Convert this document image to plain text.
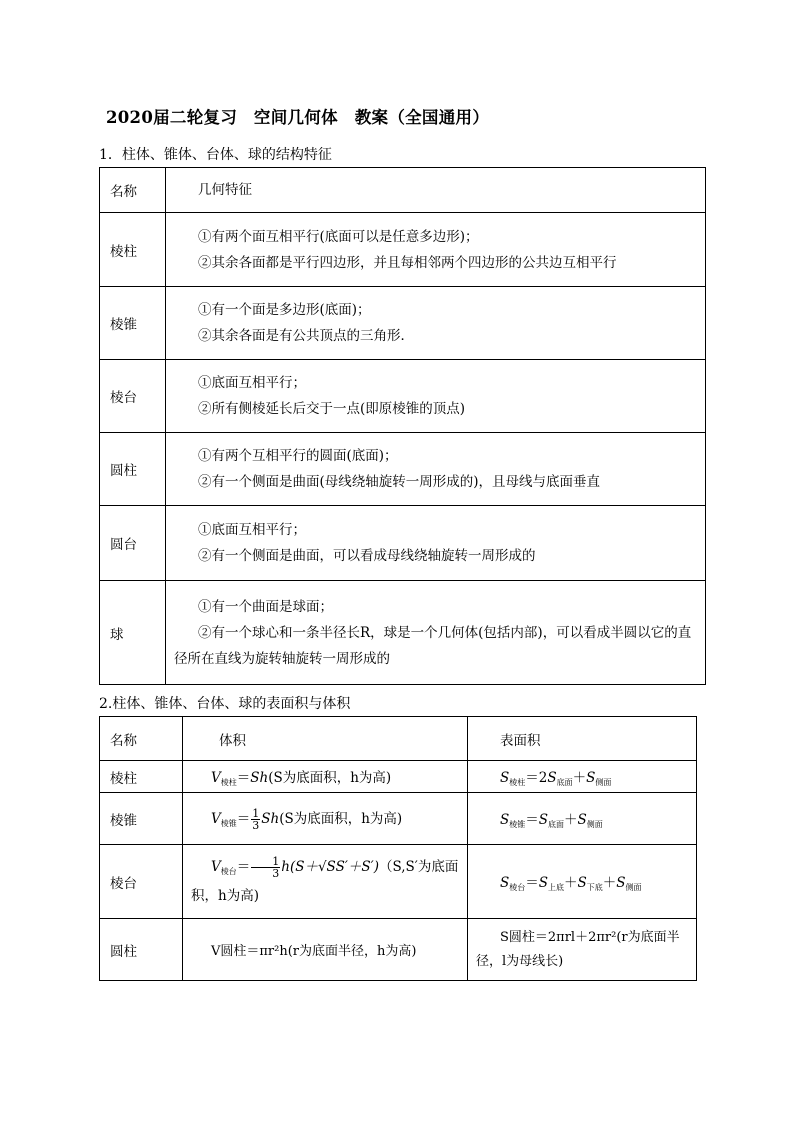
2020届二轮复习　空间几何体　教案（全国通用）
1．柱体、锥体、台体、球的结构特征
名称	几何特征

棱柱	①有两个面互相平行(底面可以是任意多边形)；
②其余各面都是平行四边形，并且每相邻两个四边形的公共边互相平行

棱锥	①有一个面是多边形(底面)；
②其余各面是有公共顶点的三角形．

棱台	①底面互相平行；
②所有侧棱延长后交于一点(即原棱锥的顶点)

圆柱	①有两个互相平行的圆面(底面)；
②有一个侧面是曲面(母线绕轴旋转一周形成的)，且母线与底面垂直

圆台	①底面互相平行；
②有一个侧面是曲面，可以看成母线绕轴旋转一周形成的

球	①有一个曲面是球面；
②有一个球心和一条半径长R，球是一个几何体(包括内部)，可以看成半圆以它的直径所在直线为旋转轴旋转一周形成的
2.柱体、锥体、台体、球的表面积与体积
名称	体积	表面积
棱柱	$V_{棱柱}=Sh(S$为底面积，h为高)	$S_{棱柱}=2S_{底面}+S_{侧面}$
棱锥	$V_{棱锥}= \frac{1}{3} Sh(S$为底面积，h为高)	$S_{棱锥}=S_{底面}+S_{侧面}$
棱台	$V_{棱台}= \frac{1}{3} h(S+√SS'+S')(S,S'$为底面积，h为高)	$S_{棱台}=S_{上底}+S_{下底}+S_{侧面}$
圆柱	V圆柱＝πr²h(r为底面半径，h为高)	S圆柱＝2πrl＋2πr²(r为底面半径，l为母线长)
